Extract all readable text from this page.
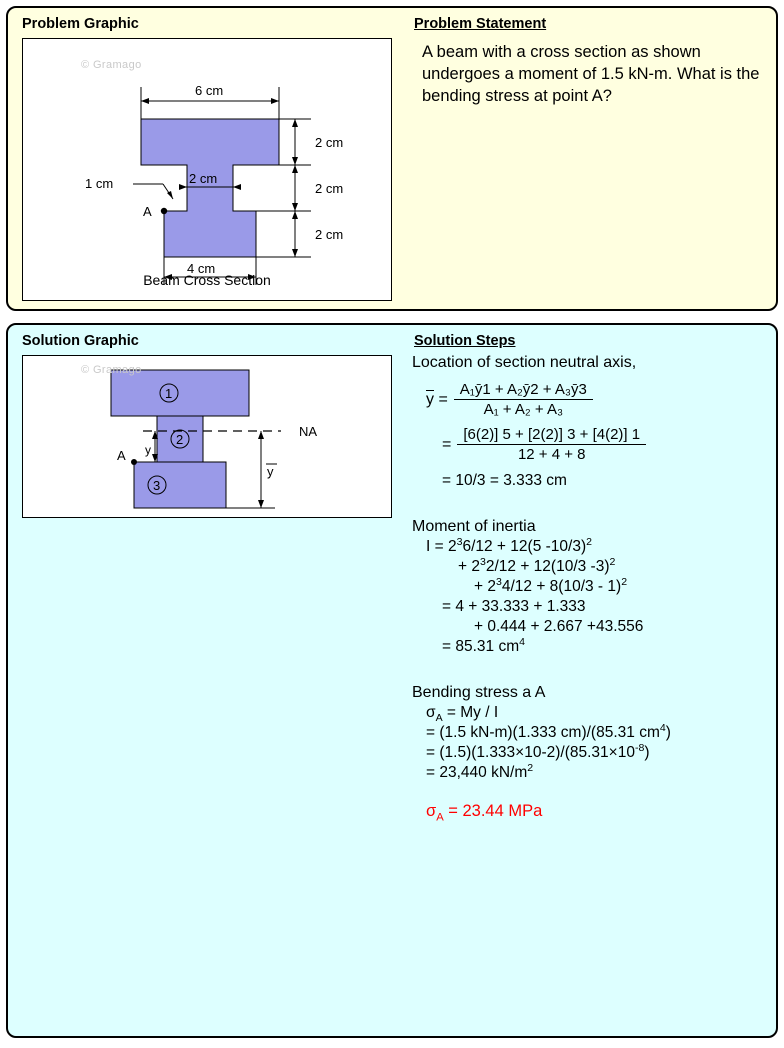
Problem Graphic	Problem Statement
© Gramago
6 cm
2 cm
2 cm
2 cm
2 cm
1 cm
A
4 cm
Beam Cross Section
A beam with a cross section as shown undergoes a moment of 1.5 kN-m. What is the bending stress at point A?
Solution Graphic	Solution Steps
© Gramago
1
2
3
NA
y
y
A
Location of section neutral axis,
$y = \frac{\text{A₁ȳ1 + A₂ȳ2 + A₃ȳ3}}{\text{A₁ + A₂ + A₃}}$
= $\frac{[6(2)] 5 + [2(2)] 3 + [4(2)] 1}{12 + 4 + 8}$
= 10/3 = 3.333 cm
Moment of inertia
$I = 2^36/12 + 12(5$ -10/3)$^2$
+ $2^32/12 + 12(10/3$ -3)$^2$
+ $2^34/12 + 8(10/3 - 1)^2$
= 4 + 33.333 + 1.333
+ 0.444 + 2.667 +43.556
= 85.31 $cm^4$
Bending stress a A
$\sigma_A = My / I$
= (1.5 kN-m)(1.333 cm)/(85.31 $cm^4$)
= $(1.5)(1.333\times 10-2)/(85.31\times 10^{-8})$
= 23,440 $kN/m^2$
$\sigma_A = 23.44$ MPa
